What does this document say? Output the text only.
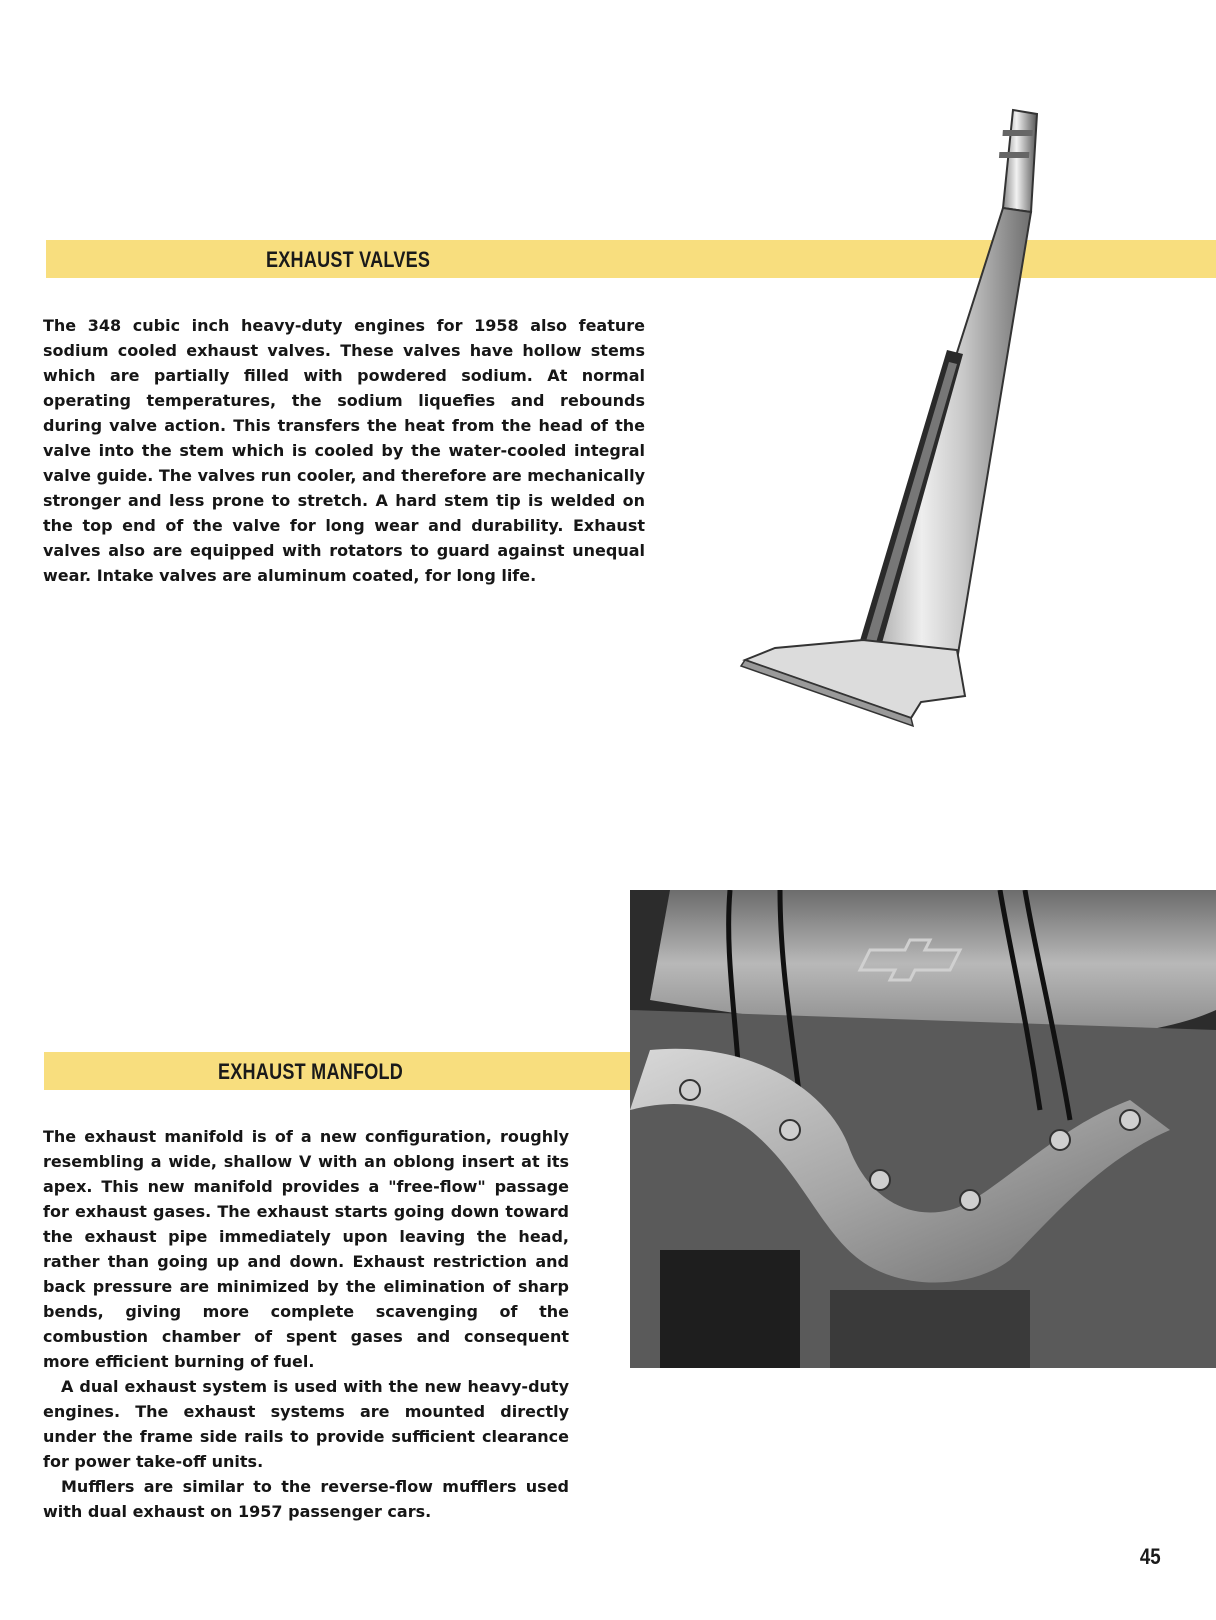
EXHAUST VALVES

The 348 cubic inch heavy-duty engines for 1958 also feature sodium cooled exhaust valves. These valves have hollow stems which are partially filled with powdered sodium. At normal operating temperatures, the sodium liquefies and rebounds during valve action. This transfers the heat from the head of the valve into the stem which is cooled by the water-cooled integral valve guide. The valves run cooler, and therefore are mechanically stronger and less prone to stretch. A hard stem tip is welded on the top end of the valve for long wear and durability. Exhaust valves also are equipped with rotators to guard against unequal wear. Intake valves are aluminum coated, for long life.

EXHAUST MANFOLD

The exhaust manifold is of a new configuration, roughly resembling a wide, shallow V with an oblong insert at its apex. This new manifold provides a "free-flow" passage for exhaust gases. The exhaust starts going down toward the exhaust pipe immediately upon leaving the head, rather than going up and down. Exhaust restriction and back pressure are minimized by the elimination of sharp bends, giving more complete scavenging of the combustion chamber of spent gases and consequent more efficient burning of fuel.

A dual exhaust system is used with the new heavy-duty engines. The exhaust systems are mounted directly under the frame side rails to provide sufficient clearance for power take-off units.

Mufflers are similar to the reverse-flow mufflers used with dual exhaust on 1957 passenger cars.

45
